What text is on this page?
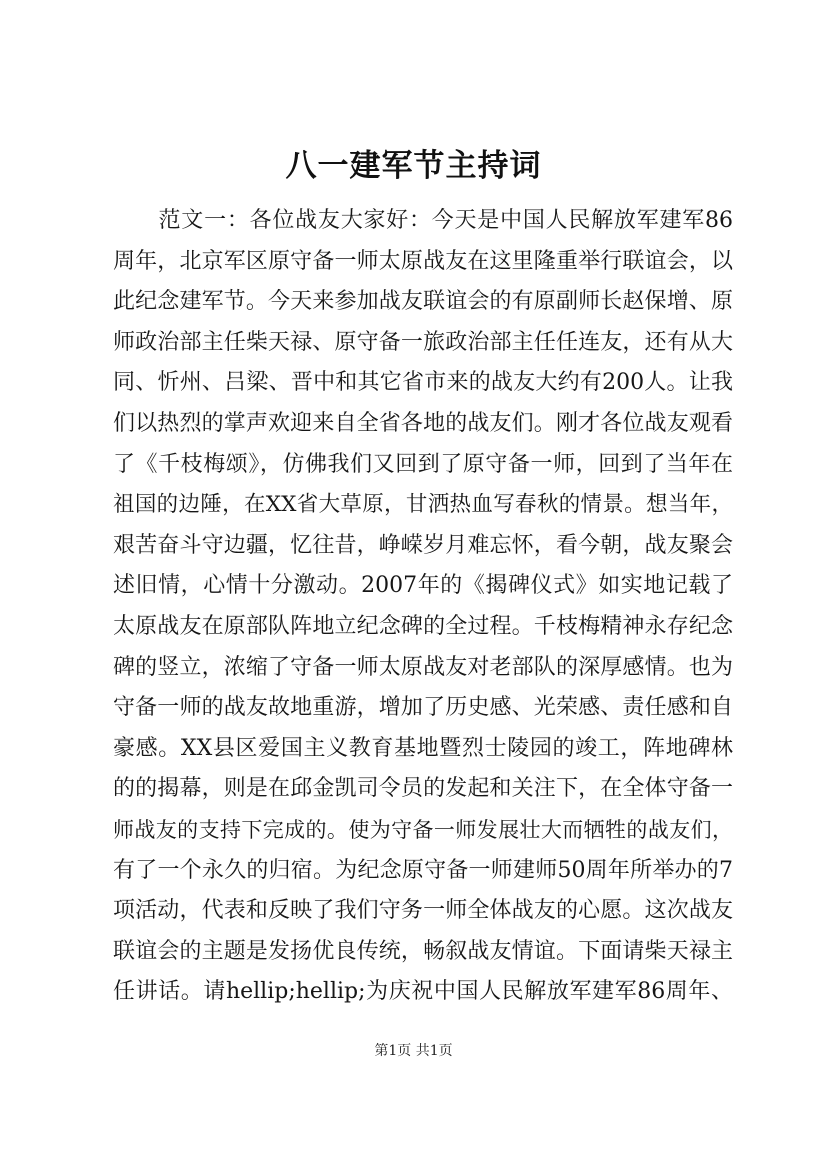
八一建军节主持词
　　范文一：各位战友大家好：今天是中国人民解放军建军86
周年，北京军区原守备一师太原战友在这里隆重举行联谊会，以
此纪念建军节。今天来参加战友联谊会的有原副师长赵保增、原
师政治部主任柴天禄、原守备一旅政治部主任任连友，还有从大
同、忻州、吕梁、晋中和其它省市来的战友大约有200人。让我
们以热烈的掌声欢迎来自全省各地的战友们。刚才各位战友观看
了《千枝梅颂》，仿佛我们又回到了原守备一师，回到了当年在
祖国的边陲，在XX省大草原，甘洒热血写春秋的情景。想当年，
艰苦奋斗守边疆，忆往昔，峥嵘岁月难忘怀，看今朝，战友聚会
述旧情，心情十分激动。2007年的《揭碑仪式》如实地记载了
太原战友在原部队阵地立纪念碑的全过程。千枝梅精神永存纪念
碑的竖立，浓缩了守备一师太原战友对老部队的深厚感情。也为
守备一师的战友故地重游，增加了历史感、光荣感、责任感和自
豪感。XX县区爱国主义教育基地暨烈士陵园的竣工，阵地碑林
的的揭幕，则是在邱金凯司令员的发起和关注下，在全体守备一
师战友的支持下完成的。使为守备一师发展壮大而牺牲的战友们，
有了一个永久的归宿。为纪念原守备一师建师50周年所举办的7
项活动，代表和反映了我们守务一师全体战友的心愿。这次战友
联谊会的主题是发扬优良传统，畅叙战友情谊。下面请柴天禄主
任讲话。请hellip;hellip;为庆祝中国人民解放军建军86周年、
第1页 共1页
